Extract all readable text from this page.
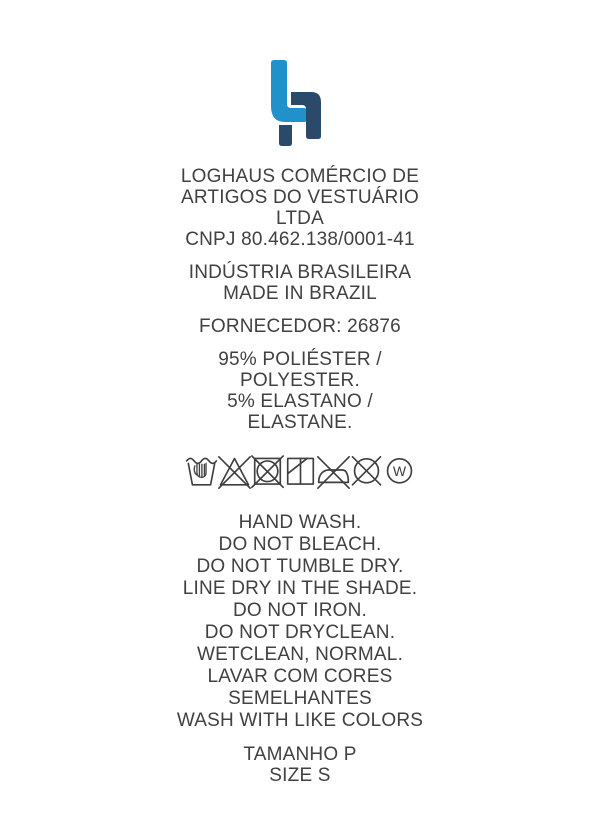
LOGHAUS COMÉRCIO DE
ARTIGOS DO VESTUÁRIO
LTDA
CNPJ 80.462.138/0001-41
INDÚSTRIA BRASILEIRA
MADE IN BRAZIL
FORNECEDOR: 26876
95% POLIÉSTER /
POLYESTER.
5% ELASTANO /
ELASTANE.
W
HAND WASH.
DO NOT BLEACH.
DO NOT TUMBLE DRY.
LINE DRY IN THE SHADE.
DO NOT IRON.
DO NOT DRYCLEAN.
WETCLEAN, NORMAL.
LAVAR COM CORES
SEMELHANTES
WASH WITH LIKE COLORS
TAMANHO P
SIZE S
